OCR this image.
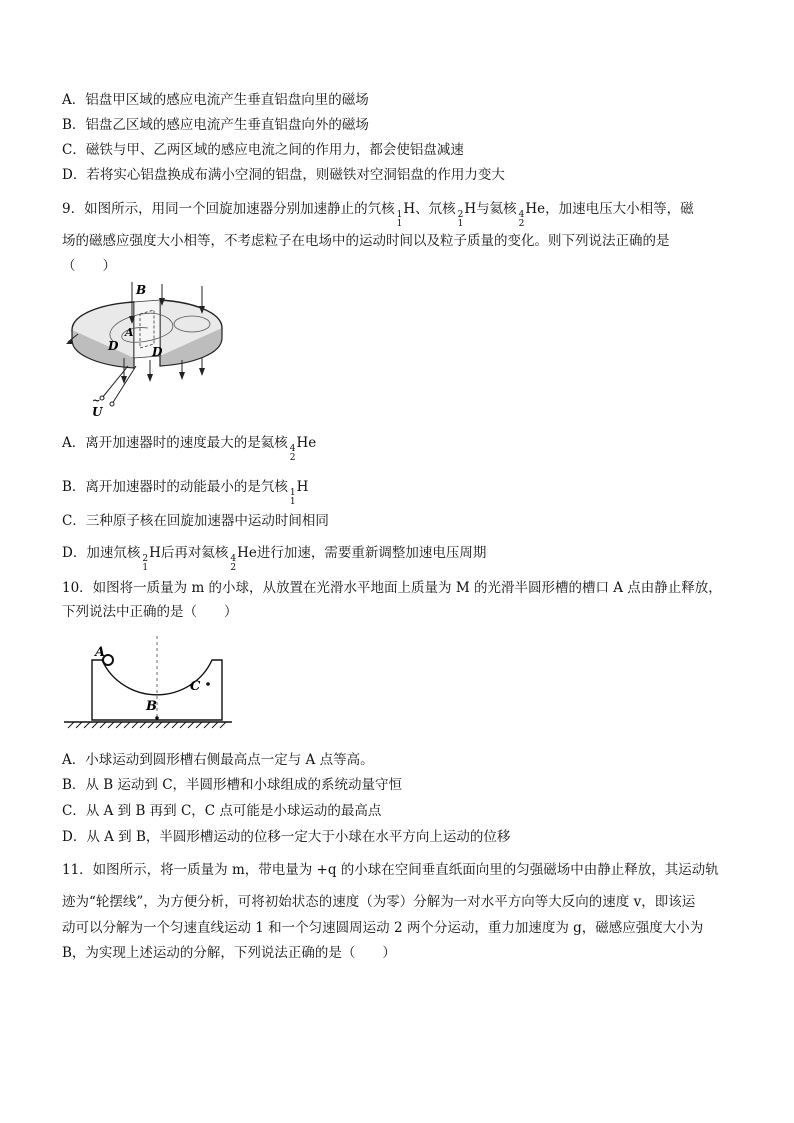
A．铝盘甲区域的感应电流产生垂直铝盘向里的磁场
B．铝盘乙区域的感应电流产生垂直铝盘向外的磁场
C．磁铁与甲、乙两区域的感应电流之间的作用力，都会使铝盘减速
D．若将实心铝盘换成布满小空洞的铝盘，则磁铁对空洞铝盘的作用力变大
9．如图所示，用同一个回旋加速器分别加速静止的氕核 1
1
H、氘核 2
1
H与氦核 4
2
He，加速电压大小相等，磁
场的磁感应强度大小相等，不考虑粒子在电场中的运动时间以及粒子质量的变化。则下列说法正确的是
（　　）
B
A
D	D
U
~
A．离开加速器时的速度最大的是氦核 4
2
He
B．离开加速器时的动能最小的是氕核 1
1
H
C．三种原子核在回旋加速器中运动时间相同
D．加速氘核 2
1
H后再对氦核 4
2
He进行加速，需要重新调整加速电压周期
10．如图将一质量为 m 的小球，从放置在光滑水平地面上质量为 M 的光滑半圆形槽的槽口 A 点由静止释放，
下列说法中正确的是（　　）
A
B
C
A．小球运动到圆形槽右侧最高点一定与 A 点等高。
B．从 B 运动到 C，半圆形槽和小球组成的系统动量守恒
C．从 A 到 B 再到 C，C 点可能是小球运动的最高点
D．从 A 到 B，半圆形槽运动的位移一定大于小球在水平方向上运动的位移
11．如图所示，将一质量为 m，带电量为 +q 的小球在空间垂直纸面向里的匀强磁场中由静止释放，其运动轨
迹为“轮摆线”，为方便分析，可将初始状态的速度（为零）分解为一对水平方向等大反向的速度 v，即该运
动可以分解为一个匀速直线运动 1 和一个匀速圆周运动 2 两个分运动，重力加速度为 g，磁感应强度大小为
B，为实现上述运动的分解，下列说法正确的是（　　）
